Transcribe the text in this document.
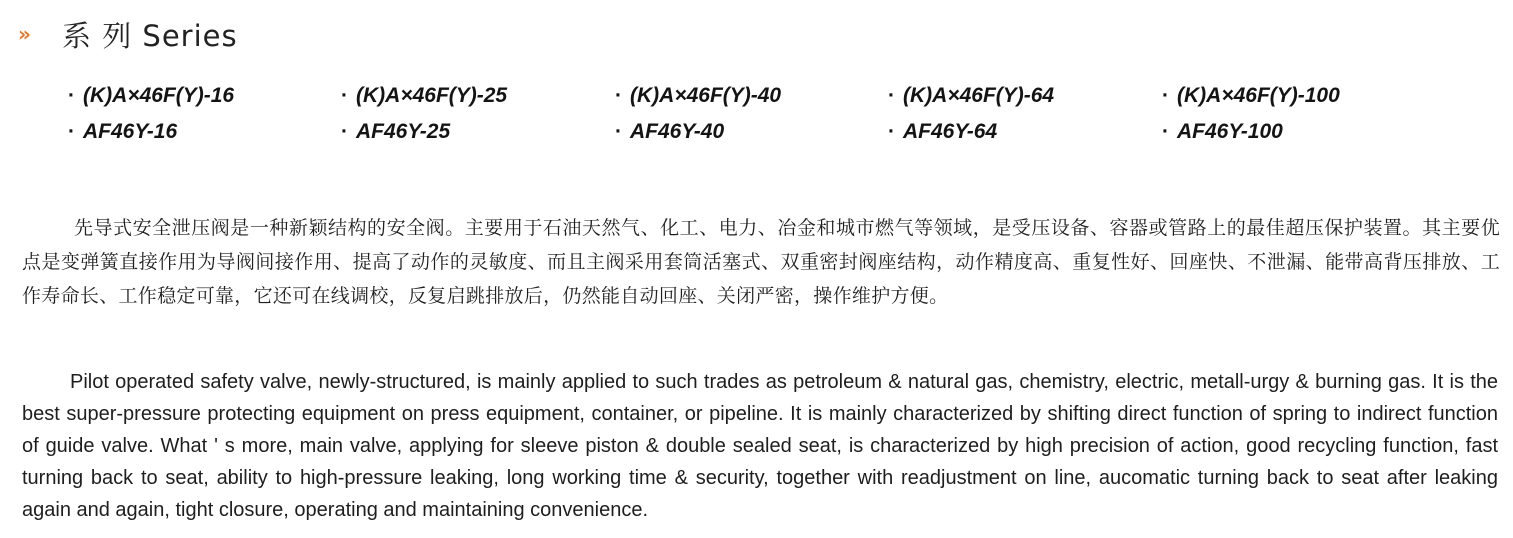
»	系 列 Series
· (K)A×46F(Y)-16	· (K)A×46F(Y)-25	· (K)A×46F(Y)-40	· (K)A×46F(Y)-64	· (K)A×46F(Y)-100
· AF46Y-16	· AF46Y-25	· AF46Y-40	· AF46Y-64	· AF46Y-100

先导式安全泄压阀是一种新颖结构的安全阀。主要用于石油天然气、化工、电力、冶金和城市燃气等领域，是受压设备、容器或管路上的最佳超压保护装置。其主要优点是变弹簧直接作用为导阀间接作用、提高了动作的灵敏度、而且主阀采用套筒活塞式、双重密封阀座结构，动作精度高、重复性好、回座快、不泄漏、能带高背压排放、工作寿命长、工作稳定可靠，它还可在线调校，反复启跳排放后，仍然能自动回座、关闭严密，操作维护方便。

Pilot operated safety valve, newly-structured, is mainly applied to such trades as petroleum & natural gas, chemistry, electric, metall-urgy & burning gas. It is the best super-pressure protecting equipment on press equipment, container, or pipeline. It is mainly characterized by shifting direct function of spring to indirect function of guide valve. What ' s more, main valve, applying for sleeve piston & double sealed seat, is characterized by high precision of action, good recycling function, fast turning back to seat, ability to high-pressure leaking, long working time & security, together with readjustment on line, aucomatic turning back to seat after leaking again and again, tight closure, operating and maintaining convenience.
